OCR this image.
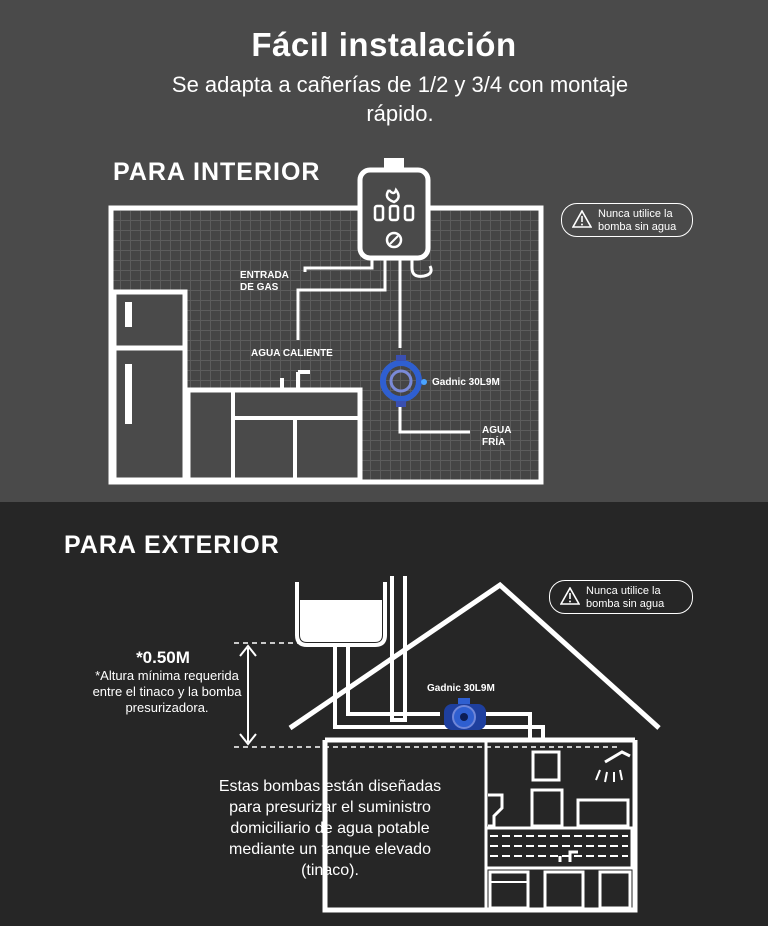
Fácil instalación
Se adapta a cañerías de 1/2 y 3/4 con montaje rápido.
PARA INTERIOR
ENTRADA DE GAS
AGUA CALIENTE
Gadnic 30L9M
AGUA FRÍA
Nunca utilice la bomba sin agua
PARA EXTERIOR
*0.50M
*Altura mínima requerida entre el tinaco y la bomba presurizadora.
Gadnic 30L9M
Nunca utilice la bomba sin agua
Estas bombas están diseñadas para presurizar el suministro domiciliario de agua potable mediante un tanque elevado (tinaco).
